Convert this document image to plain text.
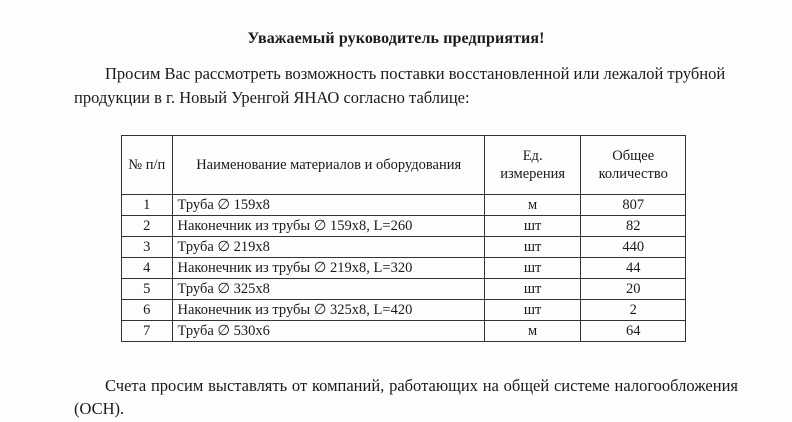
Уважаемый руководитель предприятия!
Просим Вас рассмотреть возможность поставки восстановленной или лежалой трубной продукции в г. Новый Уренгой ЯНАО согласно таблице:
№ п/п	Наименование материалов и оборудования	Ед. измерения	Общее количество
1	Труба ∅ 159х8	м	807
2	Наконечник из трубы ∅ 159х8, L=260	шт	82
3	Труба ∅ 219х8	шт	440
4	Наконечник из трубы ∅ 219х8, L=320	шт	44
5	Труба ∅ 325х8	шт	20
6	Наконечник из трубы ∅ 325х8, L=420	шт	2
7	Труба ∅ 530х6	м	64
Счета просим выставлять от компаний, работающих на общей системе налогообложения (ОСН).
